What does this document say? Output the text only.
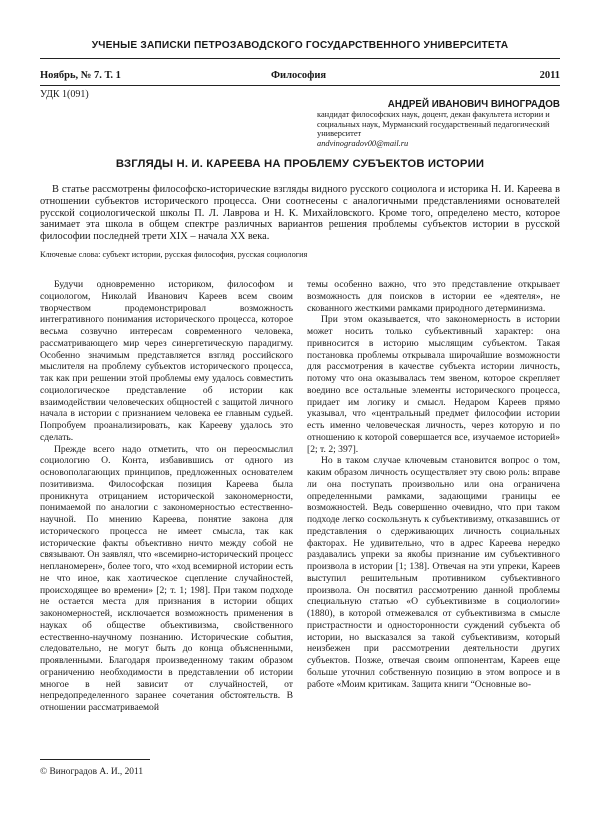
УЧЕНЫЕ ЗАПИСКИ ПЕТРОЗАВОДСКОГО ГОСУДАРСТВЕННОГО УНИВЕРСИТЕТА
Ноябрь, № 7. Т. 1	Философия	2011
УДК 1(091)
АНДРЕЙ ИВАНОВИЧ ВИНОГРАДОВ
кандидат философских наук, доцент, декан факультета истории и социальных наук, Мурманский государственный педагогический университет
andvinogradov00@mail.ru
ВЗГЛЯДЫ Н. И. КАРЕЕВА НА ПРОБЛЕМУ СУБЪЕКТОВ ИСТОРИИ
В статье рассмотрены философско-исторические взгляды видного русского социолога и историка Н. И. Кареева в отношении субъектов исторического процесса. Они соотнесены с аналогичными представлениями основателей русской социологической школы П. Л. Лаврова и Н. К. Михайловского. Кроме того, определено место, которое занимает эта школа в общем спектре различных вариантов решения проблемы субъектов истории в русской философии последней трети XIX – начала XX века.
Ключевые слова: субъект истории, русская философия, русская социология

Будучи одновременно историком, философом и социологом, Николай Иванович Кареев всем своим творчеством продемонстрировал возможность интегративного понимания исторического процесса, которое весьма созвучно интересам современного человека, рассматривающего мир через синергетическую парадигму. Особенно значимым представляется взгляд российского мыслителя на проблему субъектов исторического процесса, так как при решении этой проблемы ему удалось совместить социологическое представление об истории как взаимодействии человеческих общностей с защитой личного начала в истории с признанием человека ее главным судьей. Попробуем проанализировать, как Карееву удалось это сделать.

Прежде всего надо отметить, что он переосмыслил социологию О. Конта, избавившись от одного из основополагающих принципов, предложенных основателем позитивизма. Философская позиция Кареева была проникнута отрицанием исторической закономерности, понимаемой по аналогии с закономерностью естественно-научной. По мнению Кареева, понятие закона для исторического процесса не имеет смысла, так как исторические факты объективно ничто между собой не связывают. Он заявлял, что «всемирно-исторический процесс непланомерен», более того, что «ход всемирной истории есть не что иное, как хаотическое сцепление случайностей, происходящее во времени» [2; т. 1; 198]. При таком подходе не остается места для признания в истории общих закономерностей, исключается возможность применения в науках об обществе объективизма, свойственного естественно-научному познанию. Исторические события, следовательно, не могут быть до конца объясненными, проявленными. Благодаря произведенному таким образом ограничению необходимости в представлении об истории многое в ней зависит от случайностей, от непредопределенного заранее сочетания обстоятельств. В отношении рассматриваемой

темы особенно важно, что это представление открывает возможность для поисков в истории ее «деятеля», не скованного жесткими рамками природного детерминизма.

При этом оказывается, что закономерность в истории может носить только субъективный характер: она привносится в историю мыслящим субъектом. Такая постановка проблемы открывала широчайшие возможности для рассмотрения в качестве субъекта истории личность, потому что она оказывалась тем звеном, которое скрепляет воедино все остальные элементы исторического процесса, придает им логику и смысл. Недаром Кареев прямо указывал, что «центральный предмет философии истории есть именно человеческая личность, через которую и по отношению к которой совершается все, изучаемое историей» [2; т. 2; 397].

Но в таком случае ключевым становится вопрос о том, каким образом личность осуществляет эту свою роль: вправе ли она поступать произвольно или она ограничена определенными рамками, задающими границы ее возможностей. Ведь совершенно очевидно, что при таком подходе легко соскользнуть к субъективизму, отказавшись от представления о сдерживающих личность социальных факторах. Не удивительно, что в адрес Кареева нередко раздавались упреки за якобы признание им субъективного произвола в истории [1; 138]. Отвечая на эти упреки, Кареев выступил решительным противником субъективного произвола. Он посвятил рассмотрению данной проблемы специальную статью «О субъективизме в социологии» (1880), в которой отмежевался от субъективизма в смысле пристрастности и односторонности суждений субъекта об истории, но высказался за такой субъективизм, который неизбежен при рассмотрении деятельности других субъектов. Позже, отвечая своим оппонентам, Кареев еще больше уточнил собственную позицию в этом вопросе и в работе «Моим критикам. Защита книги “Основные во-

© Виноградов А. И., 2011
